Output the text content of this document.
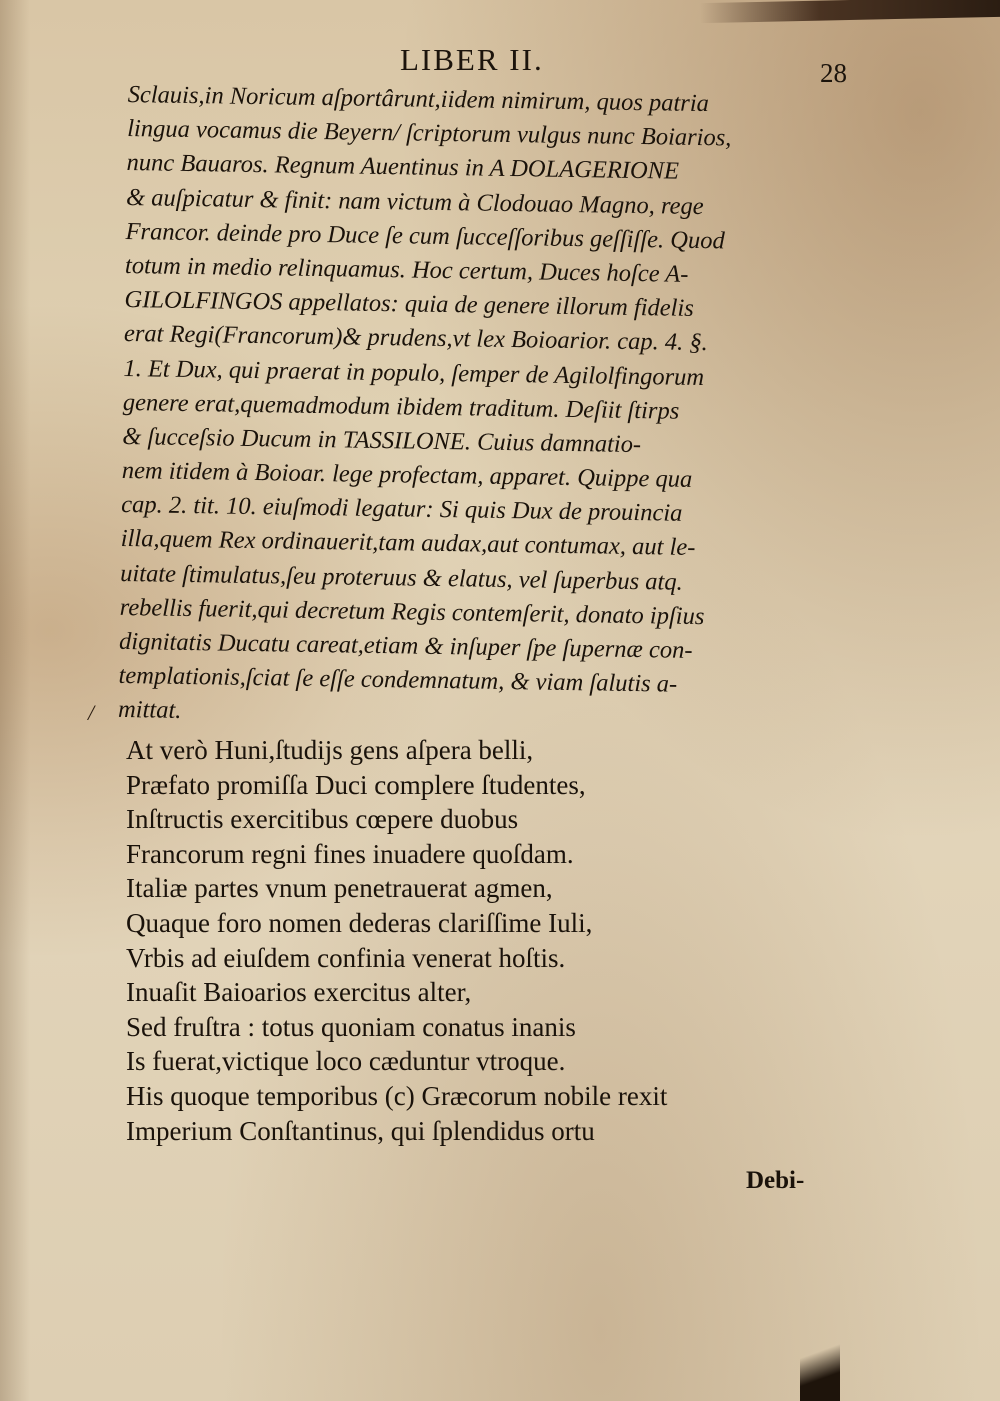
LIBER II.	28
Sclauis,in Noricum aſportârunt,iidem nimirum, quos patria
lingua vocamus die Beyern/ ſcriptorum vulgus nunc Boiarios,
nunc Bauaros. Regnum Auentinus in A DOLAGERIONE
& auſpicatur & finit: nam victum à Clodouao Magno, rege
Francor. deinde pro Duce ſe cum ſucceſſoribus geſſiſſe. Quod
totum in medio relinquamus. Hoc certum, Duces hoſce A-
GILOLFINGOS appellatos: quia de genere illorum fidelis
erat Regi(Francorum)& prudens,vt lex Boioarior. cap. 4. §.
1. Et Dux, qui praerat in populo, ſemper de Agilolfingorum
genere erat,quemadmodum ibidem traditum. Deſiit ſtirps
& ſucceſsio Ducum in TASSILONE. Cuius damnatio-
nem itidem à Boioar. lege profectam, apparet. Quippe qua
cap. 2. tit. 10. eiuſmodi legatur: Si quis Dux de prouincia
illa,quem Rex ordinauerit,tam audax,aut contumax, aut le-
uitate ſtimulatus,ſeu proteruus & elatus, vel ſuperbus atq.
rebellis fuerit,qui decretum Regis contemſerit, donato ipſius
dignitatis Ducatu careat,etiam & inſuper ſpe ſupernæ con-
templationis,ſciat ſe eſſe condemnatum, & viam ſalutis a-
mittat.
/
At verò Huni,ſtudijs gens aſpera belli,
Præfato promiſſa Duci complere ſtudentes,
Inſtructis exercitibus cœpere duobus
Francorum regni fines inuadere quoſdam.
Italiæ partes vnum penetrauerat agmen,
Quaque foro nomen dederas clariſſime Iuli,
Vrbis ad eiuſdem confinia venerat hoſtis.
Inuaſit Baioarios exercitus alter,
Sed fruſtra : totus quoniam conatus inanis
Is fuerat,victique loco cæduntur vtroque.
His quoque temporibus (c) Græcorum nobile rexit
Imperium Conſtantinus, qui ſplendidus ortu
Debi-
